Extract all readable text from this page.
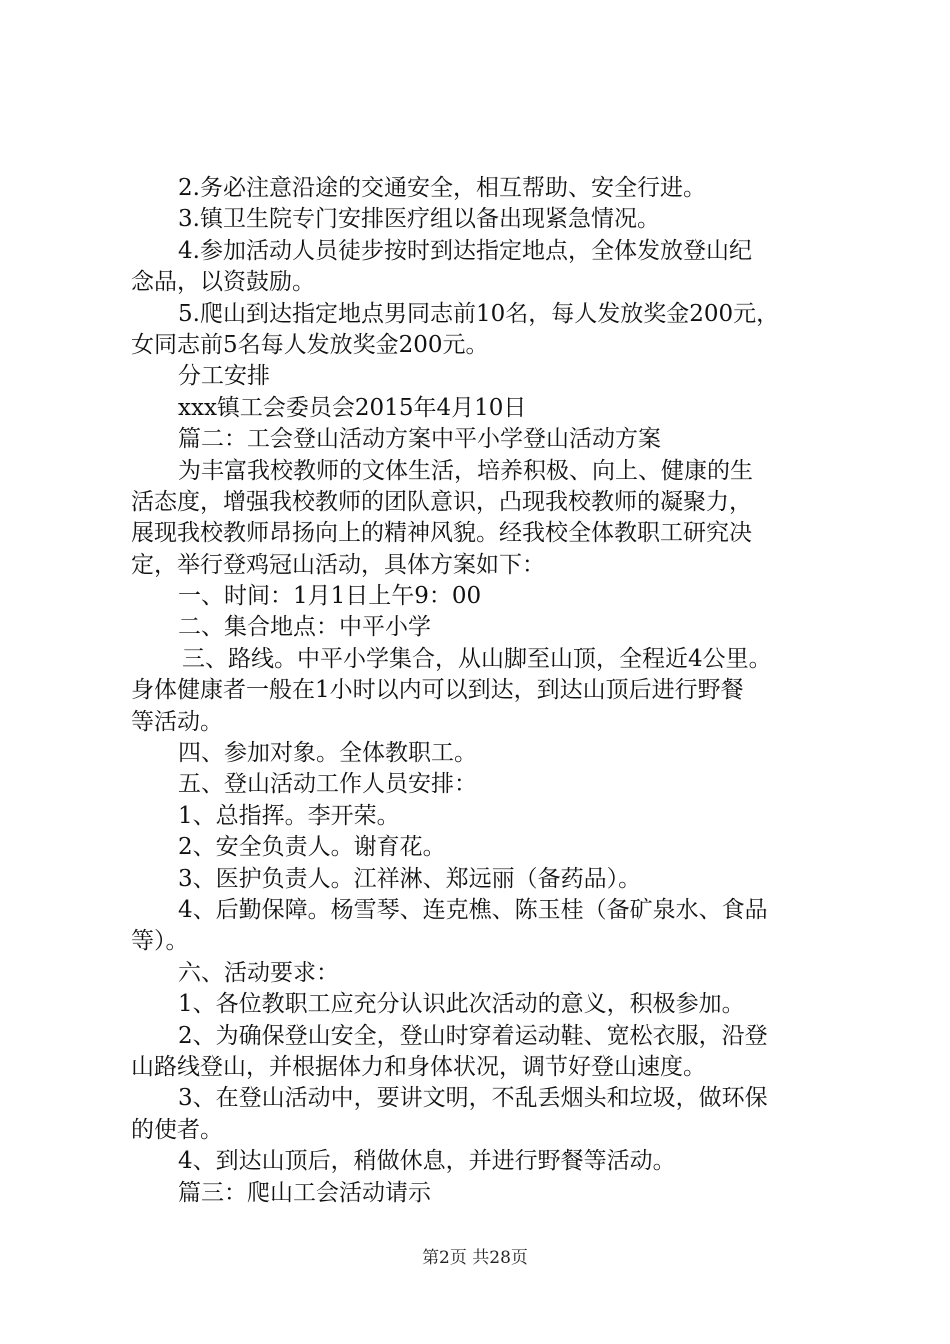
2.务必注意沿途的交通安全，相互帮助、安全行进。
3.镇卫生院专门安排医疗组以备出现紧急情况。
4.参加活动人员徒步按时到达指定地点，全体发放登山纪
念品，以资鼓励。
5.爬山到达指定地点男同志前10名，每人发放奖金200元，
女同志前5名每人发放奖金200元。
分工安排
xxx镇工会委员会2015年4月10日
篇二：工会登山活动方案中平小学登山活动方案
为丰富我校教师的文体生活，培养积极、向上、健康的生
活态度，增强我校教师的团队意识，凸现我校教师的凝聚力，
展现我校教师昂扬向上的精神风貌。经我校全体教职工研究决
定，举行登鸡冠山活动，具体方案如下：
一、时间：1月1日上午9：00
二、集合地点：中平小学
三、路线。中平小学集合，从山脚至山顶，全程近4公里。
身体健康者一般在1小时以内可以到达，到达山顶后进行野餐
等活动。
四、参加对象。全体教职工。
五、登山活动工作人员安排：
1、总指挥。李开荣。
2、安全负责人。谢育花。
3、医护负责人。江祥淋、郑远丽（备药品）。
4、后勤保障。杨雪琴、连克樵、陈玉桂（备矿泉水、食品
等）。
六、活动要求：
1、各位教职工应充分认识此次活动的意义，积极参加。
2、为确保登山安全，登山时穿着运动鞋、宽松衣服，沿登
山路线登山，并根据体力和身体状况，调节好登山速度。
3、在登山活动中，要讲文明，不乱丢烟头和垃圾，做环保
的使者。
4、到达山顶后，稍做休息，并进行野餐等活动。
篇三：爬山工会活动请示
第2页 共28页
